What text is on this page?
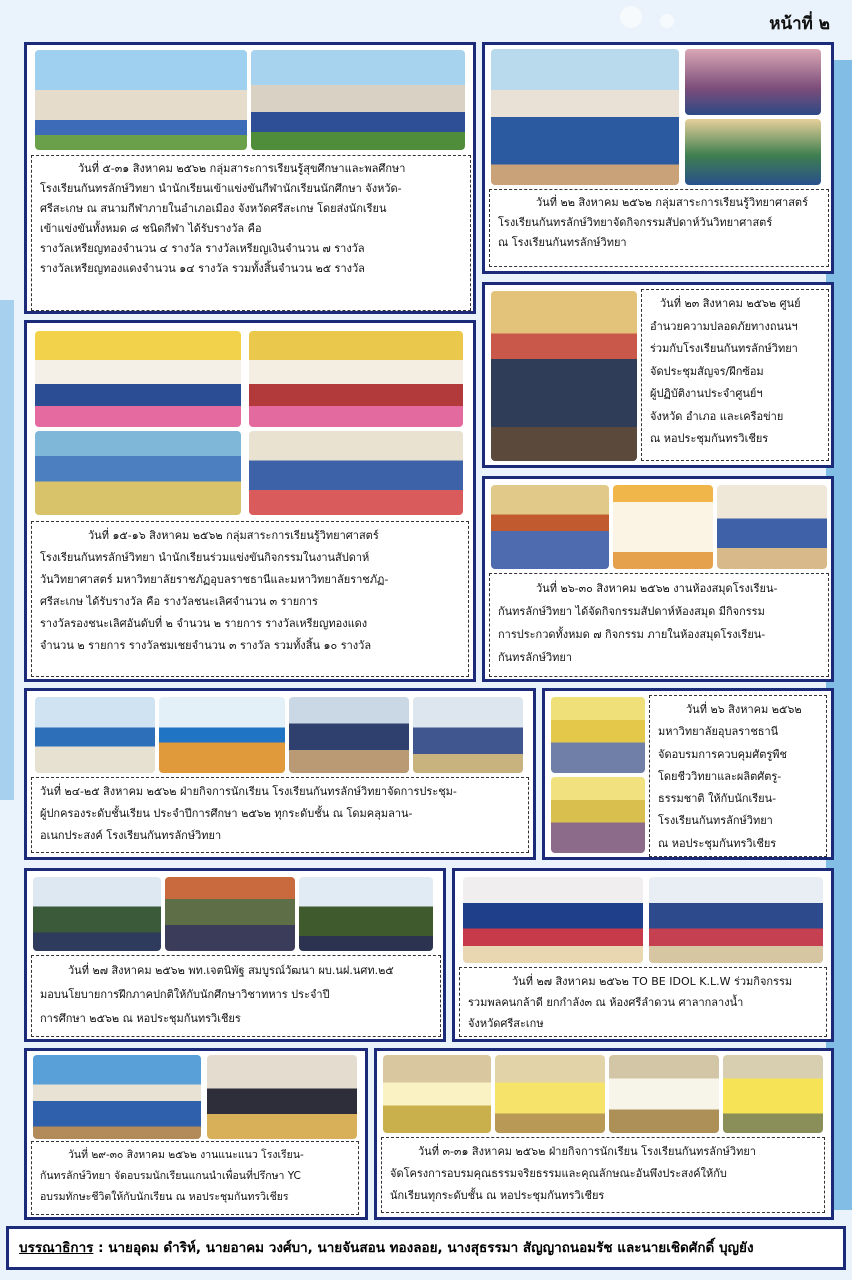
หน้าที่ ๒

วันที่ ๕-๓๑ สิงหาคม ๒๕๖๒ กลุ่มสาระการเรียนรู้สุขศึกษาและพลศึกษา

โรงเรียนกันทรลักษ์วิทยา นำนักเรียนเข้าแข่งขันกีฬานักเรียนนักศึกษา จังหวัด-

ศรีสะเกษ ณ สนามกีฬาภายในอำเภอเมือง จังหวัดศรีสะเกษ โดยส่งนักเรียน

เข้าแข่งขันทั้งหมด ๘ ชนิดกีฬา ได้รับรางวัล คือ

รางวัลเหรียญทองจำนวน ๔ รางวัล รางวัลเหรียญเงินจำนวน ๗ รางวัล

รางวัลเหรียญทองแดงจำนวน ๑๔ รางวัล รวมทั้งสิ้นจำนวน ๒๕ รางวัล

วันที่ ๒๒ สิงหาคม ๒๕๖๒ กลุ่มสาระการเรียนรู้วิทยาศาสตร์

โรงเรียนกันทรลักษ์วิทยาจัดกิจกรรมสัปดาห์วันวิทยาศาสตร์

ณ โรงเรียนกันทรลักษ์วิทยา

วันที่ ๒๓ สิงหาคม ๒๕๖๒ ศูนย์

อำนวยความปลอดภัยทางถนนฯ

ร่วมกับโรงเรียนกันทรลักษ์วิทยา

จัดประชุมสัญจร/ฝึกซ้อม

ผู้ปฏิบัติงานประจำศูนย์ฯ

จังหวัด อำเภอ และเครือข่าย

ณ หอประชุมกันทรวิเชียร

วันที่ ๑๕-๑๖ สิงหาคม ๒๕๖๒ กลุ่มสาระการเรียนรู้วิทยาศาสตร์

โรงเรียนกันทรลักษ์วิทยา นำนักเรียนร่วมแข่งขันกิจกรรมในงานสัปดาห์

วันวิทยาศาสตร์ มหาวิทยาลัยราชภัฏอุบลราชธานีและมหาวิทยาลัยราชภัฏ-

ศรีสะเกษ ได้รับรางวัล คือ รางวัลชนะเลิศจำนวน ๓ รายการ

รางวัลรองชนะเลิศอันดับที่ ๒ จำนวน ๒ รายการ รางวัลเหรียญทองแดง

จำนวน ๒ รายการ รางวัลชมเชยจำนวน ๓ รางวัล รวมทั้งสิ้น ๑๐ รางวัล

วันที่ ๒๖-๓๐ สิงหาคม ๒๕๖๒ งานห้องสมุดโรงเรียน-

กันทรลักษ์วิทยา ได้จัดกิจกรรมสัปดาห์ห้องสมุด มีกิจกรรม

การประกวดทั้งหมด ๗ กิจกรรม ภายในห้องสมุดโรงเรียน-

กันทรลักษ์วิทยา

วันที่ ๒๔-๒๕ สิงหาคม ๒๕๖๒ ฝ่ายกิจการนักเรียน โรงเรียนกันทรลักษ์วิทยาจัดการประชุม-

ผู้ปกครองระดับชั้นเรียน ประจำปีการศึกษา ๒๕๖๒ ทุกระดับชั้น ณ โดมคลุมลาน-

อเนกประสงค์ โรงเรียนกันทรลักษ์วิทยา

วันที่ ๒๖ สิงหาคม ๒๕๖๒

มหาวิทยาลัยอุบลราชธานี

จัดอบรมการควบคุมศัตรูพืช

โดยชีววิทยาและผลิตศัตรู-

ธรรมชาติ ให้กับนักเรียน-

โรงเรียนกันทรลักษ์วิทยา

ณ หอประชุมกันทรวิเชียร

วันที่ ๒๗ สิงหาคม ๒๕๖๒ พท.เจตนิพัฐ สมบูรณ์วัฒนา ผบ.นฝ.นศท.๒๕

มอบนโยบายการฝึกภาคปกติให้กับนักศึกษาวิชาทหาร ประจำปี

การศึกษา ๒๕๖๒ ณ หอประชุมกันทรวิเชียร

วันที่ ๒๗ สิงหาคม ๒๕๖๒ TO BE IDOL K.L.W ร่วมกิจกรรม

รวมพลคนกล้าดี ยกกำลัง๓ ณ ห้องศรีลำดวน ศาลากลางน้ำ

จังหวัดศรีสะเกษ

วันที่ ๒๙-๓๐ สิงหาคม ๒๕๖๒ งานแนะแนว โรงเรียน-

กันทรลักษ์วิทยา จัดอบรมนักเรียนแกนนำเพื่อนที่ปรึกษา YC

อบรมทักษะชีวิตให้กับนักเรียน ณ หอประชุมกันทรวิเชียร

วันที่ ๓-๓๑ สิงหาคม ๒๕๖๒ ฝ่ายกิจการนักเรียน โรงเรียนกันทรลักษ์วิทยา

จัดโครงการอบรมคุณธรรมจริยธรรมและคุณลักษณะอันพึงประสงค์ให้กับ

นักเรียนทุกระดับชั้น ณ หอประชุมกันทรวิเชียร

บรรณาธิการ : นายอุดม ดำริห์, นายอาคม วงศ์บา, นายจันสอน ทองลอย, นางสุธรรมา สัญญาถนอมรัช และนายเชิดศักดิ์ บุญยัง
